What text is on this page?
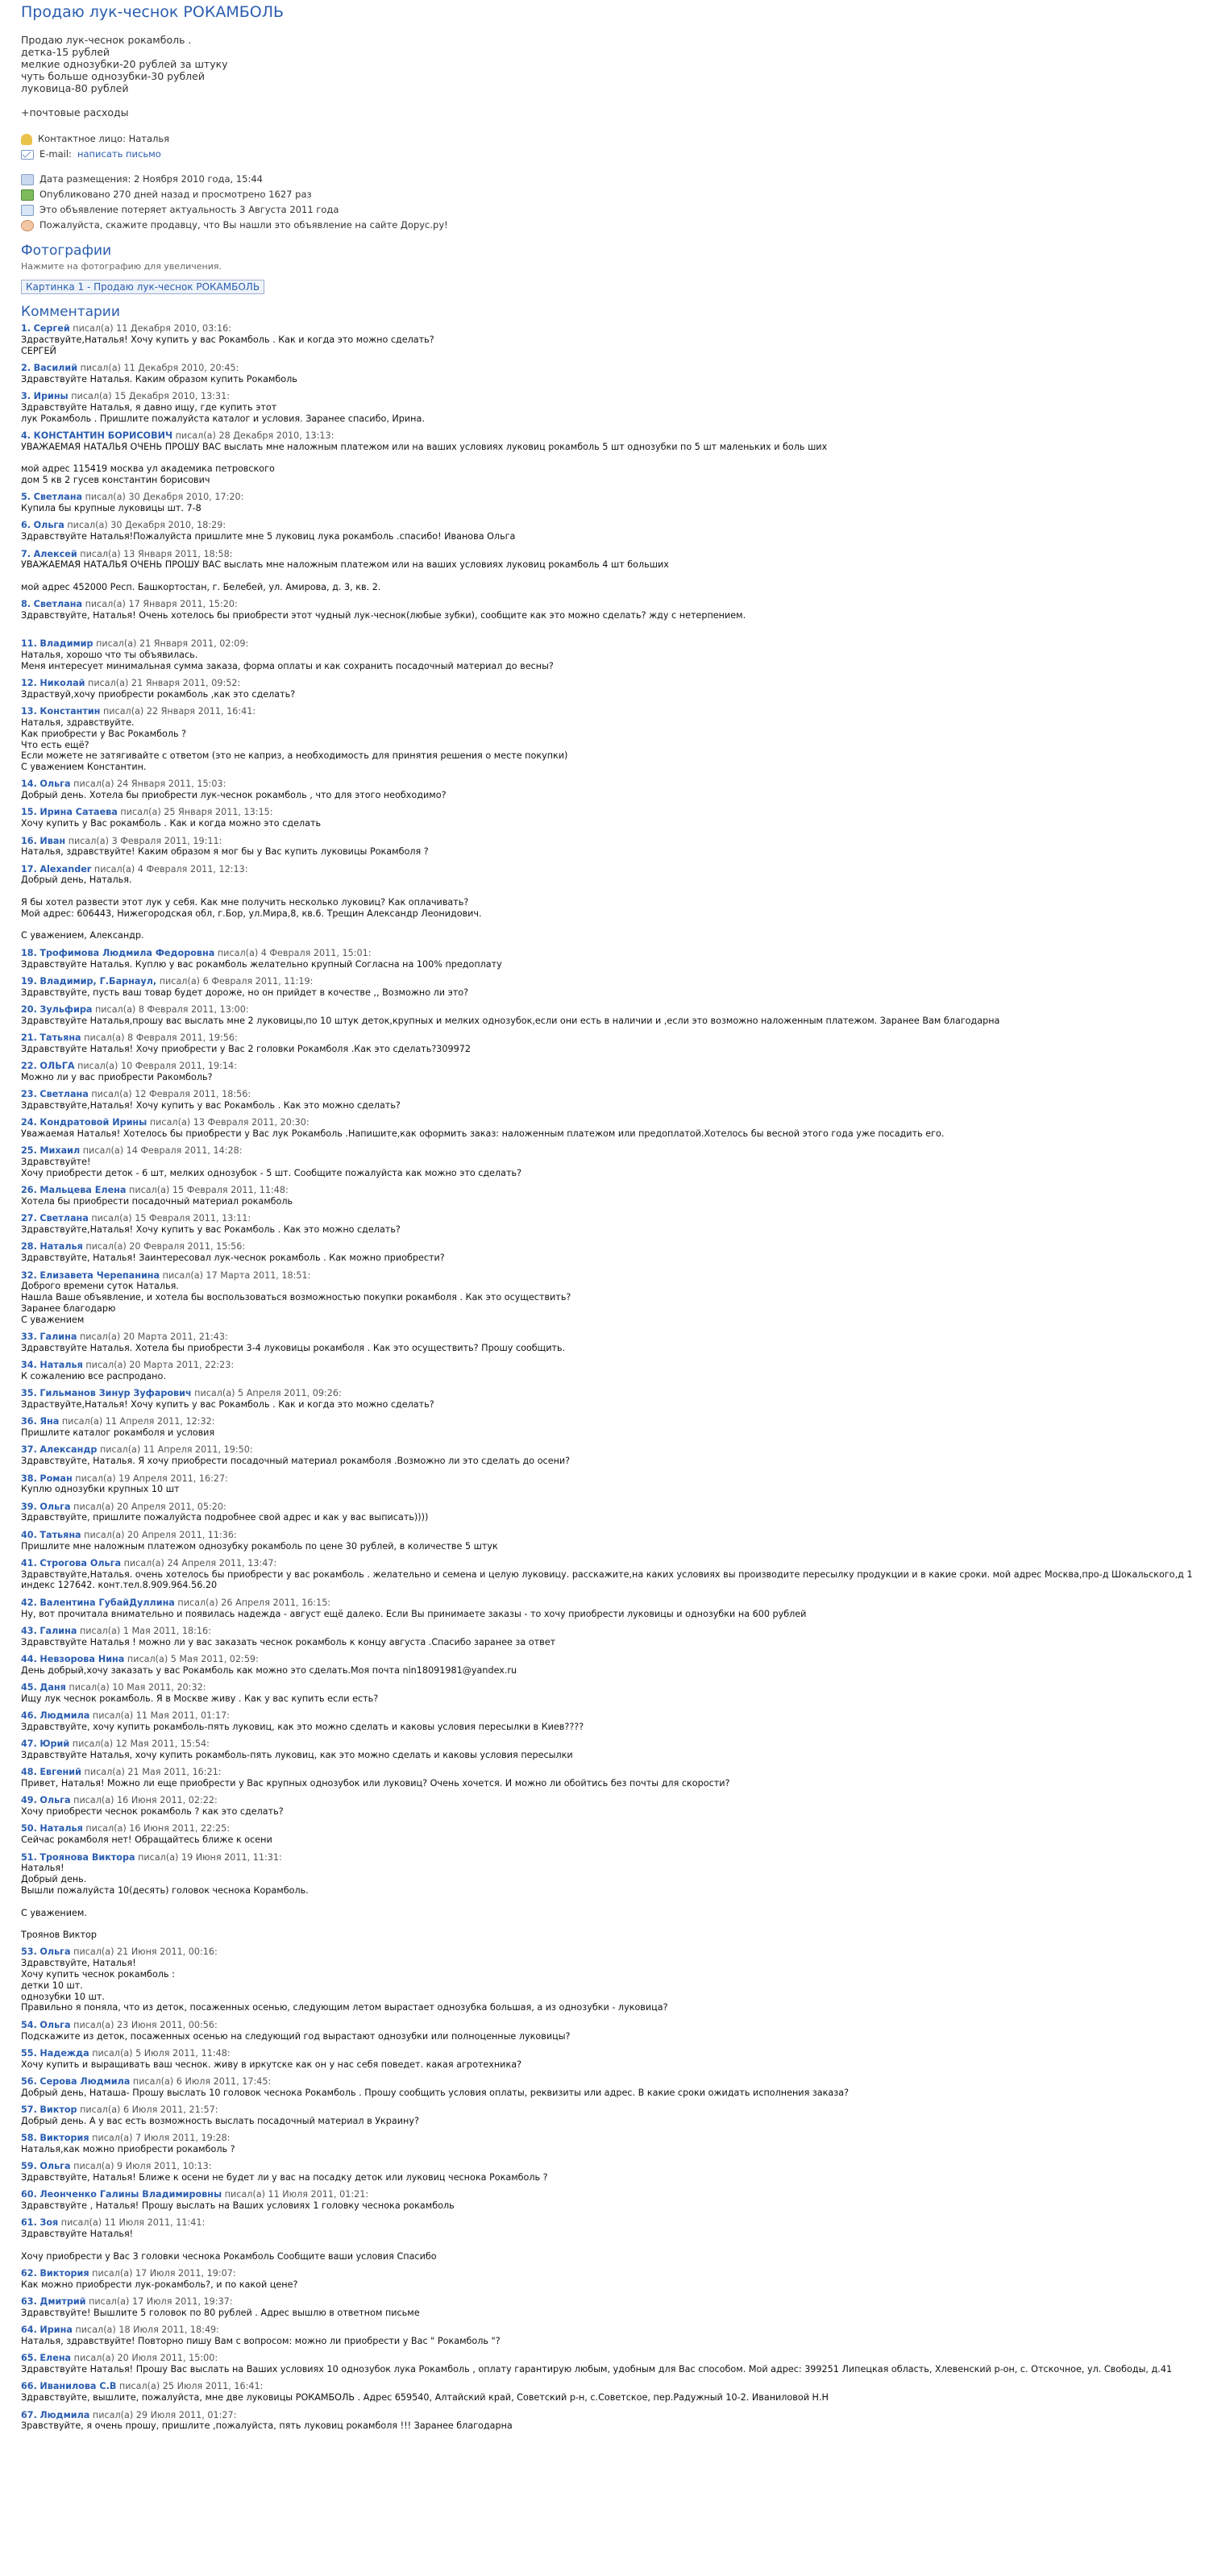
Продаю лук-чеснок РОКАМБОЛЬ
Продаю лук-чеснок рокамболь .
детка-15 рублей
мелкие однозубки-20 рублей за штуку
чуть больше однозубки-30 рублей
луковица-80 рублей
+почтовые расходы
Контактное лицо: Наталья
E-mail: написать письмо
Дата размещения: 2 Ноября 2010 года, 15:44
Опубликовано 270 дней назад и просмотрено 1627 раз
Это объявление потеряет актуальность 3 Августа 2011 года
Пожалуйста, скажите продавцу, что Вы нашли это объявление на сайте Дорус.ру!
Фотографии
Нажмите на фотографию для увеличения.
Картинка 1 - Продаю лук-чеснок РОКАМБОЛЬ
Комментарии
1. Сергей писал(а) 11 Декабря 2010, 03:16:
Здраствуйте,Наталья! Хочу купить у вас Рокамболь . Как и когда это можно сделать?
СЕРГЕЙ
2. Василий писал(а) 11 Декабря 2010, 20:45:
Здравствуйте Наталья. Каким образом купить Рокамболь
3. Ирины писал(а) 15 Декабря 2010, 13:31:
Здравствуйте Наталья, я давно ищу, где купить этот
лук Рокамболь . Пришлите пожалуйста каталог и условия. Заранее спасибо, Ирина.
4. КОНСТАНТИН БОРИСОВИЧ писал(а) 28 Декабря 2010, 13:13:
УВАЖАЕМАЯ НАТАЛЬЯ ОЧЕНЬ ПРОШУ ВАС выслать мне наложным платежом или на ваших условиях луковиц рокамболь 5 шт однозубки по 5 шт маленьких и боль ших

мой адрес 115419 москва ул академика петровского
дом 5 кв 2 гусев константин борисович
5. Светлана писал(а) 30 Декабря 2010, 17:20:
Купила бы крупные луковицы шт. 7-8
6. Ольга писал(а) 30 Декабря 2010, 18:29:
Здравствуйте Наталья!Пожалуйста пришлите мне 5 луковиц лука рокамболь .спасибо! Иванова Ольга
7. Алексей писал(а) 13 Января 2011, 18:58:
УВАЖАЕМАЯ НАТАЛЬЯ ОЧЕНЬ ПРОШУ ВАС выслать мне наложным платежом или на ваших условиях луковиц рокамболь 4 шт больших

мой адрес 452000 Респ. Башкортостан, г. Белебей, ул. Амирова, д. 3, кв. 2.
8. Светлана писал(а) 17 Января 2011, 15:20:
Здравствуйте, Наталья! Очень хотелось бы приобрести этот чудный лук-чеснок(любые зубки), сообщите как это можно сделать? жду с нетерпением.

11. Владимир писал(а) 21 Января 2011, 02:09:
Наталья, хорошо что ты объявилась.
Меня интересует минимальная сумма заказа, форма оплаты и как сохранить посадочный материал до весны?
12. Николай писал(а) 21 Января 2011, 09:52:
Здраствуй,хочу приобрести рокамболь ,как это сделать?
13. Константин писал(а) 22 Января 2011, 16:41:
Наталья, здравствуйте.
Как приобрести у Вас Рокамболь ?
Что есть ещё?
Если можете не затягивайте с ответом (это не каприз, а необходимость для принятия решения о месте покупки)
С уважением Константин.
14. Ольга писал(а) 24 Января 2011, 15:03:
Добрый день. Хотела бы приобрести лук-чеснок рокамболь , что для этого необходимо?
15. Ирина Сатаева писал(а) 25 Января 2011, 13:15:
Хочу купить у Вас рокамболь . Как и когда можно это сделать
16. Иван писал(а) 3 Февраля 2011, 19:11:
Наталья, здравствуйте! Каким образом я мог бы у Вас купить луковицы Рокамболя ?
17. Alexander писал(а) 4 Февраля 2011, 12:13:
Добрый день, Наталья.

Я бы хотел развести этот лук у себя. Как мне получить несколько луковиц? Как оплачивать?
Мой адрес: 606443, Нижегородская обл, г.Бор, ул.Мира,8, кв.6. Трещин Александр Леонидович.

С уважением, Александр.
18. Трофимова Людмила Федоровна писал(а) 4 Февраля 2011, 15:01:
Здравствуйте Наталья. Куплю у вас рокамболь желательно крупный Согласна на 100% предоплату
19. Владимир, Г.Барнаул, писал(а) 6 Февраля 2011, 11:19:
Здравствуйте, пусть ваш товар будет дороже, но он прийдет в кочестве ,, Возможно ли это?
20. Зульфира писал(а) 8 Февраля 2011, 13:00:
Здравствуйте Наталья,прошу вас выслать мне 2 луковицы,по 10 штук деток,крупных и мелких однозубок,если они есть в наличии и ,если это возможно наложенным платежом. Заранее Вам благодарна
21. Татьяна писал(а) 8 Февраля 2011, 19:56:
Здравствуйте Наталья! Хочу приобрести у Вас 2 головки Рокамболя .Как это сделать?309972
22. ОЛЬГА писал(а) 10 Февраля 2011, 19:14:
Можно ли у вас приобрести Ракомболь?
23. Светлана писал(а) 12 Февраля 2011, 18:56:
Здравствуйте,Наталья! Хочу купить у вас Рокамболь . Как это можно сделать?
24. Кондратовой Ирины писал(а) 13 Февраля 2011, 20:30:
Уважаемая Наталья! Хотелось бы приобрести у Вас лук Рокамболь .Напишите,как оформить заказ: наложенным платежом или предоплатой.Хотелось бы весной этого года уже посадить его.
25. Михаил писал(а) 14 Февраля 2011, 14:28:
Здравствуйте!
Хочу приобрести деток - 6 шт, мелких однозубок - 5 шт. Сообщите пожалуйста как можно это сделать?
26. Мальцева Елена писал(а) 15 Февраля 2011, 11:48:
Хотела бы приобрести посадочный материал рокамболь
27. Светлана писал(а) 15 Февраля 2011, 13:11:
Здравствуйте,Наталья! Хочу купить у вас Рокамболь . Как это можно сделать?
28. Наталья писал(а) 20 Февраля 2011, 15:56:
Здравствуйте, Наталья! Заинтересовал лук-чеснок рокамболь . Как можно приобрести?
32. Елизавета Черепанина писал(а) 17 Марта 2011, 18:51:
Доброго времени суток Наталья.
Нашла Ваше объявление, и хотела бы воспользоваться возможностью покупки рокамболя . Как это осуществить?
Заранее благодарю
С уважением
33. Галина писал(а) 20 Марта 2011, 21:43:
Здравствуйте Наталья. Хотела бы приобрести 3-4 луковицы рокамболя . Как это осуществить? Прошу сообщить.
34. Наталья писал(а) 20 Марта 2011, 22:23:
К сожалению все распродано.
35. Гильманов Зинур Зуфарович писал(а) 5 Апреля 2011, 09:26:
Здраствуйте,Наталья! Хочу купить у вас Рокамболь . Как и когда это можно сделать?
36. Яна писал(а) 11 Апреля 2011, 12:32:
Пришлите каталог рокамболя и условия
37. Александр писал(а) 11 Апреля 2011, 19:50:
Здравствуйте, Наталья. Я хочу приобрести посадочный материал рокамболя .Возможно ли это сделать до осени?
38. Роман писал(а) 19 Апреля 2011, 16:27:
Куплю однозубки крупных 10 шт
39. Ольга писал(а) 20 Апреля 2011, 05:20:
Здравствуйте, пришлите пожалуйста подробнее свой адрес и как у вас выписать))))
40. Татьяна писал(а) 20 Апреля 2011, 11:36:
Пришлите мне наложным платежом однозубку рокамболь по цене 30 рублей, в количестве 5 штук
41. Строгова Ольга писал(а) 24 Апреля 2011, 13:47:
Здравствуйте,Наталья. очень хотелось бы приобрести у вас рокамболь . желательно и семена и целую луковицу. расскажите,на каких условиях вы производите пересылку продукции и в какие сроки. мой адрес Москва,про-д Шокальского,д 1 индекс 127642. конт.тел.8.909.964.56.20
42. Валентина ГубайДуллина писал(а) 26 Апреля 2011, 16:15:
Ну, вот прочитала внимательно и появилась надежда - август ещё далеко. Если Вы принимаете заказы - то хочу приобрести луковицы и однозубки на 600 рублей
43. Галина писал(а) 1 Мая 2011, 18:16:
Здравствуйте Наталья ! можно ли у вас заказать чеснок рокамболь к концу августа .Спасибо заранее за ответ
44. Невзорова Нина писал(а) 5 Мая 2011, 02:59:
День добрый,хочу заказать у вас Рокамболь как можно это сделать.Моя почта nin18091981@yandex.ru
45. Даня писал(а) 10 Мая 2011, 20:32:
Ищу лук чеснок рокамболь. Я в Москве живу . Как у вас купить если есть?
46. Людмила писал(а) 11 Мая 2011, 01:17:
Здравствуйте, хочу купить рокамболь-пять луковиц, как это можно сделать и каковы условия пересылки в Киев????
47. Юрий писал(а) 12 Мая 2011, 15:54:
Здравствуйте Наталья, хочу купить рокамболь-пять луковиц, как это можно сделать и каковы условия пересылки
48. Евгений писал(а) 21 Мая 2011, 16:21:
Привет, Наталья! Можно ли еще приобрести у Вас крупных однозубок или луковиц? Очень хочется. И можно ли обойтись без почты для скорости?
49. Ольга писал(а) 16 Июня 2011, 02:22:
Хочу приобрести чеснок рокамболь ? как это сделать?
50. Наталья писал(а) 16 Июня 2011, 22:25:
Сейчас рокамболя нет! Обращайтесь ближе к осени
51. Троянова Виктора писал(а) 19 Июня 2011, 11:31:
Наталья!
Добрый день.
Вышли пожалуйста 10(десять) головок чеснока Корамболь.

С уважением.

Троянов Виктор
53. Ольга писал(а) 21 Июня 2011, 00:16:
Здравствуйте, Наталья!
Хочу купить чеснок рокамболь :
детки 10 шт.
однозубки 10 шт.
Правильно я поняла, что из деток, посаженных осенью, следующим летом вырастает однозубка большая, а из однозубки - луковица?
54. Ольга писал(а) 23 Июня 2011, 00:56:
Подскажите из деток, посаженных осенью на следующий год вырастают однозубки или полноценные луковицы?
55. Надежда писал(а) 5 Июля 2011, 11:48:
Хочу купить и выращивать ваш чеснок. живу в иркутске как он у нас себя поведет. какая агротехника?
56. Серова Людмила писал(а) 6 Июля 2011, 17:45:
Добрый день, Наташа- Прошу выслать 10 головок чеснока Рокамболь . Прошу сообщить условия оплаты, реквизиты или адрес. В какие сроки ожидать исполнения заказа?
57. Виктор писал(а) 6 Июля 2011, 21:57:
Добрый день. А у вас есть возможность выслать посадочный материал в Украину?
58. Виктория писал(а) 7 Июля 2011, 19:28:
Наталья,как можно приобрести рокамболь ?
59. Ольга писал(а) 9 Июля 2011, 10:13:
Здравствуйте, Наталья! Ближе к осени не будет ли у вас на посадку деток или луковиц чеснока Рокамболь ?
60. Леонченко Галины Владимировны писал(а) 11 Июля 2011, 01:21:
Здравствуйте , Наталья! Прошу выслать на Ваших условиях 1 головку чеснока рокамболь
61. Зоя писал(а) 11 Июля 2011, 11:41:
Здравствуйте Наталья!

Хочу приобрести у Вас 3 головки чеснока Рокамболь Сообщите ваши условия Спасибо
62. Виктория писал(а) 17 Июля 2011, 19:07:
Как можно приобрести лук-рокамболь?, и по какой цене?
63. Дмитрий писал(а) 17 Июля 2011, 19:37:
Здравствуйте! Вышлите 5 головок по 80 рублей . Адрес вышлю в ответном письме
64. Ирина писал(а) 18 Июля 2011, 18:49:
Наталья, здравствуйте! Повторно пишу Вам с вопросом: можно ли приобрести у Вас " Рокамболь "?
65. Елена писал(а) 20 Июля 2011, 15:00:
Здравствуйте Наталья! Прошу Вас выслать на Ваших условиях 10 однозубок лука Рокамболь , оплату гарантирую любым, удобным для Вас способом. Мой адрес: 399251 Липецкая область, Хлевенский р-он, с. Отскочное, ул. Свободы, д.41
66. Иванилова С.В писал(а) 25 Июля 2011, 16:41:
Здравствуйте, вышлите, пожалуйста, мне две луковицы РОКАМБОЛЬ . Адрес 659540, Алтайский край, Советский р-н, с.Советское, пер.Радужный 10-2. Иваниловой Н.Н
67. Людмила писал(а) 29 Июля 2011, 01:27:
Зравствуйте, я очень прошу, пришлите ,пожалуйста, пять луковиц рокамболя !!! Заранее благодарна
